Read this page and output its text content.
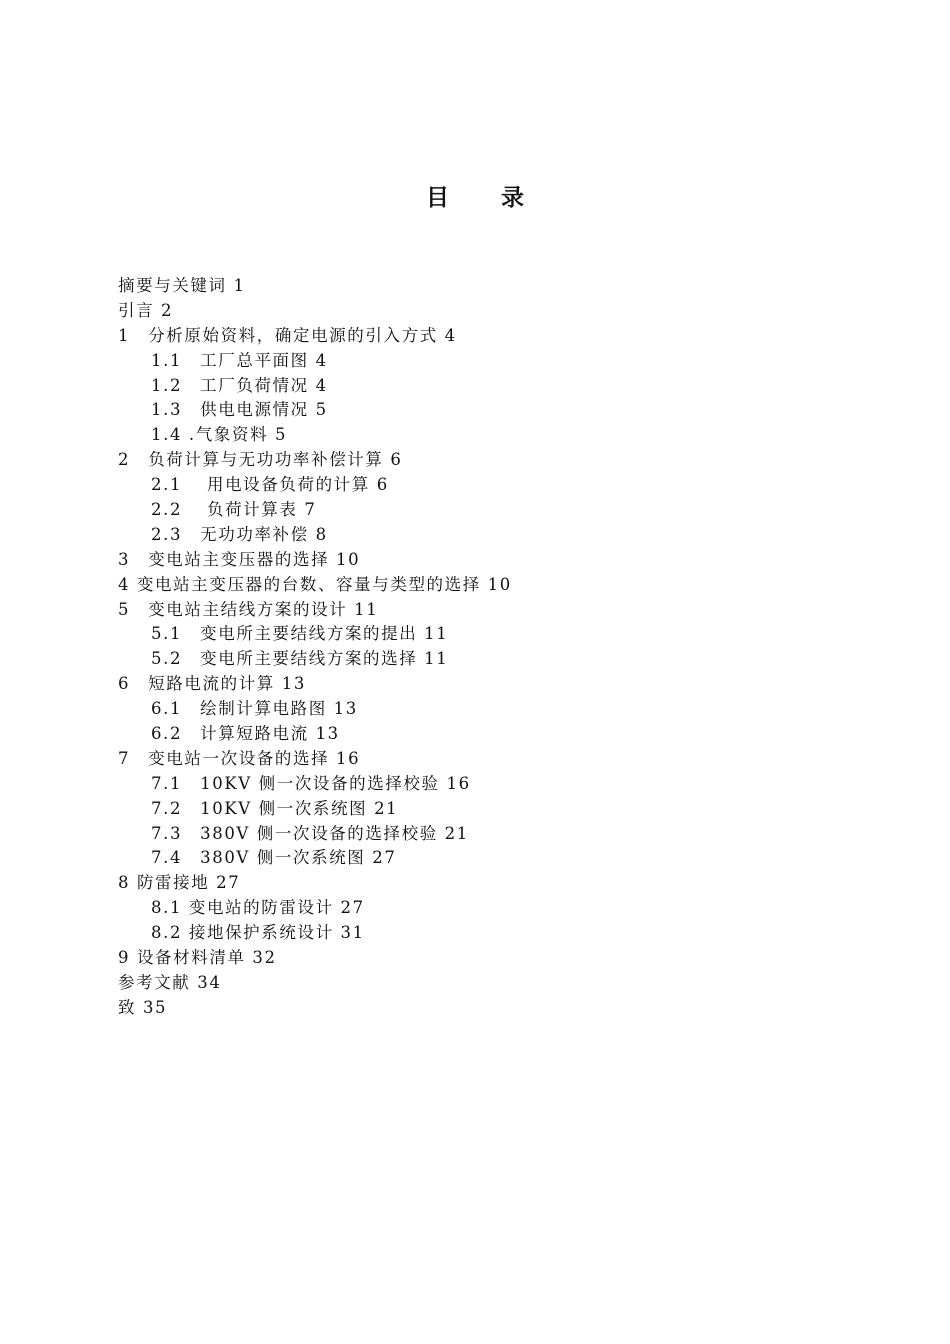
目 录
摘要与关键词 1
引言 2
1　分析原始资料，确定电源的引入方式 4
1.1　工厂总平面图 4
1.2　工厂负荷情况 4
1.3　供电电源情况 5
1.4 .气象资料 5
2　负荷计算与无功功率补偿计算 6
2.1　 用电设备负荷的计算 6
2.2　 负荷计算表 7
2.3　无功功率补偿 8
3　变电站主变压器的选择 10
4 变电站主变压器的台数、容量与类型的选择 10
5　变电站主结线方案的设计 11
5.1　变电所主要结线方案的提出 11
5.2　变电所主要结线方案的选择 11
6　短路电流的计算 13
6.1　绘制计算电路图 13
6.2　计算短路电流 13
7　变电站一次设备的选择 16
7.1　10KV 侧一次设备的选择校验 16
7.2　10KV 侧一次系统图 21
7.3　380V 侧一次设备的选择校验 21
7.4　380V 侧一次系统图 27
8 防雷接地 27
8.1 变电站的防雷设计 27
8.2 接地保护系统设计 31
9 设备材料清单 32
参考文献 34
致 35
